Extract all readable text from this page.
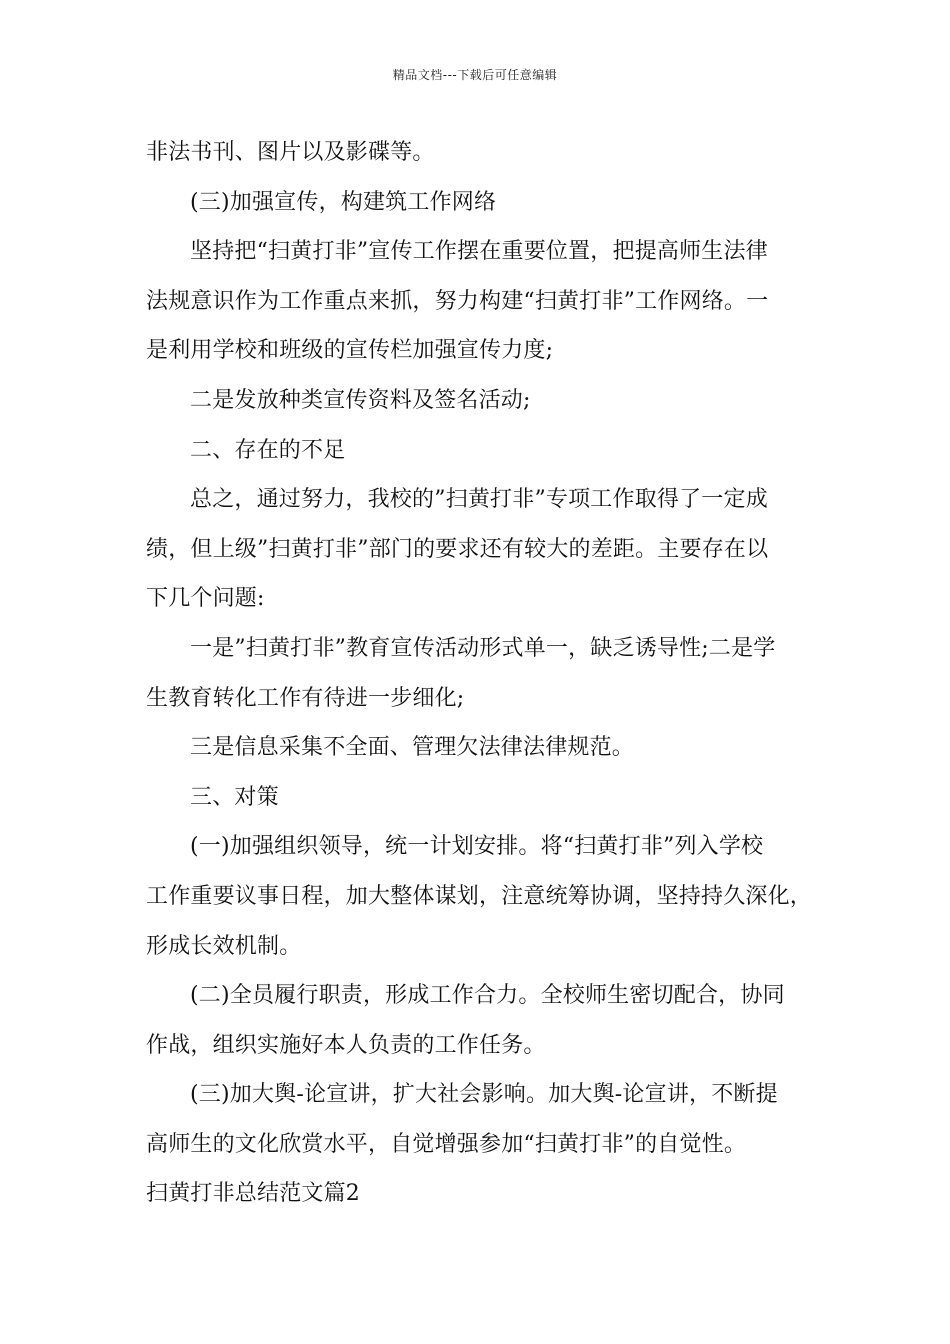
精品文档---下载后可任意编辑
非法书刊、图片以及影碟等。
(三)加强宣传，构建筑工作网络
坚持把“扫黄打非”宣传工作摆在重要位置，把提高师生法律
法规意识作为工作重点来抓，努力构建“扫黄打非”工作网络。一
是利用学校和班级的宣传栏加强宣传力度;
二是发放种类宣传资料及签名活动;
二、存在的不足
总之，通过努力，我校的”扫黄打非”专项工作取得了一定成
绩，但上级”扫黄打非”部门的要求还有较大的差距。主要存在以
下几个问题:
一是”扫黄打非”教育宣传活动形式单一，缺乏诱导性;二是学
生教育转化工作有待进一步细化;
三是信息采集不全面、管理欠法律法律规范。
三、对策
(一)加强组织领导，统一计划安排。将“扫黄打非”列入学校
工作重要议事日程，加大整体谋划，注意统筹协调，坚持持久深化，
形成长效机制。
(二)全员履行职责，形成工作合力。全校师生密切配合，协同
作战，组织实施好本人负责的工作任务。
(三)加大舆-论宣讲，扩大社会影响。加大舆-论宣讲，不断提
高师生的文化欣赏水平，自觉增强参加“扫黄打非”的自觉性。
扫黄打非总结范文篇2
